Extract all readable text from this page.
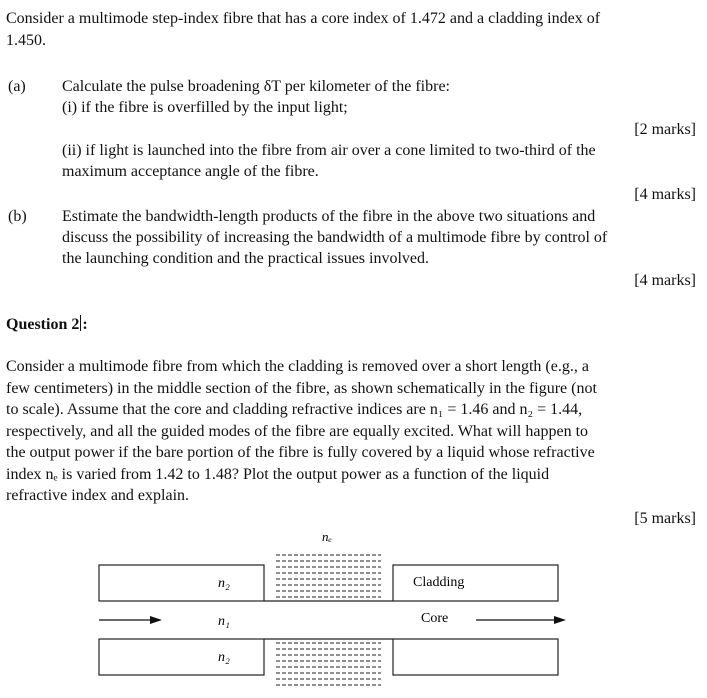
Consider a multimode step-index fibre that has a core index of 1.472 and a cladding index of
1.450.
(a) Calculate the pulse broadening δT per kilometer of the fibre:
(i) if the fibre is overfilled by the input light;
[2 marks]
(ii) if light is launched into the fibre from air over a cone limited to two-third of the
maximum acceptance angle of the fibre.
[4 marks]
(b) Estimate the bandwidth-length products of the fibre in the above two situations and
discuss the possibility of increasing the bandwidth of a multimode fibre by control of
the launching condition and the practical issues involved.
[4 marks]
Question 2 :
Consider a multimode fibre from which the cladding is removed over a short length (e.g., a
few centimeters) in the middle section of the fibre, as shown schematically in the figure (not
to scale). Assume that the core and cladding refractive indices are n₁ = 1.46 and n₂ = 1.44,
respectively, and all the guided modes of the fibre are equally excited. What will happen to
the output power if the bare portion of the fibre is fully covered by a liquid whose refractive
index nₑ is varied from 1.42 to 1.48? Plot the output power as a function of the liquid
refractive index and explain.
[5 marks]
nₑ
n₂
n₁
n₂
Cladding
Core
